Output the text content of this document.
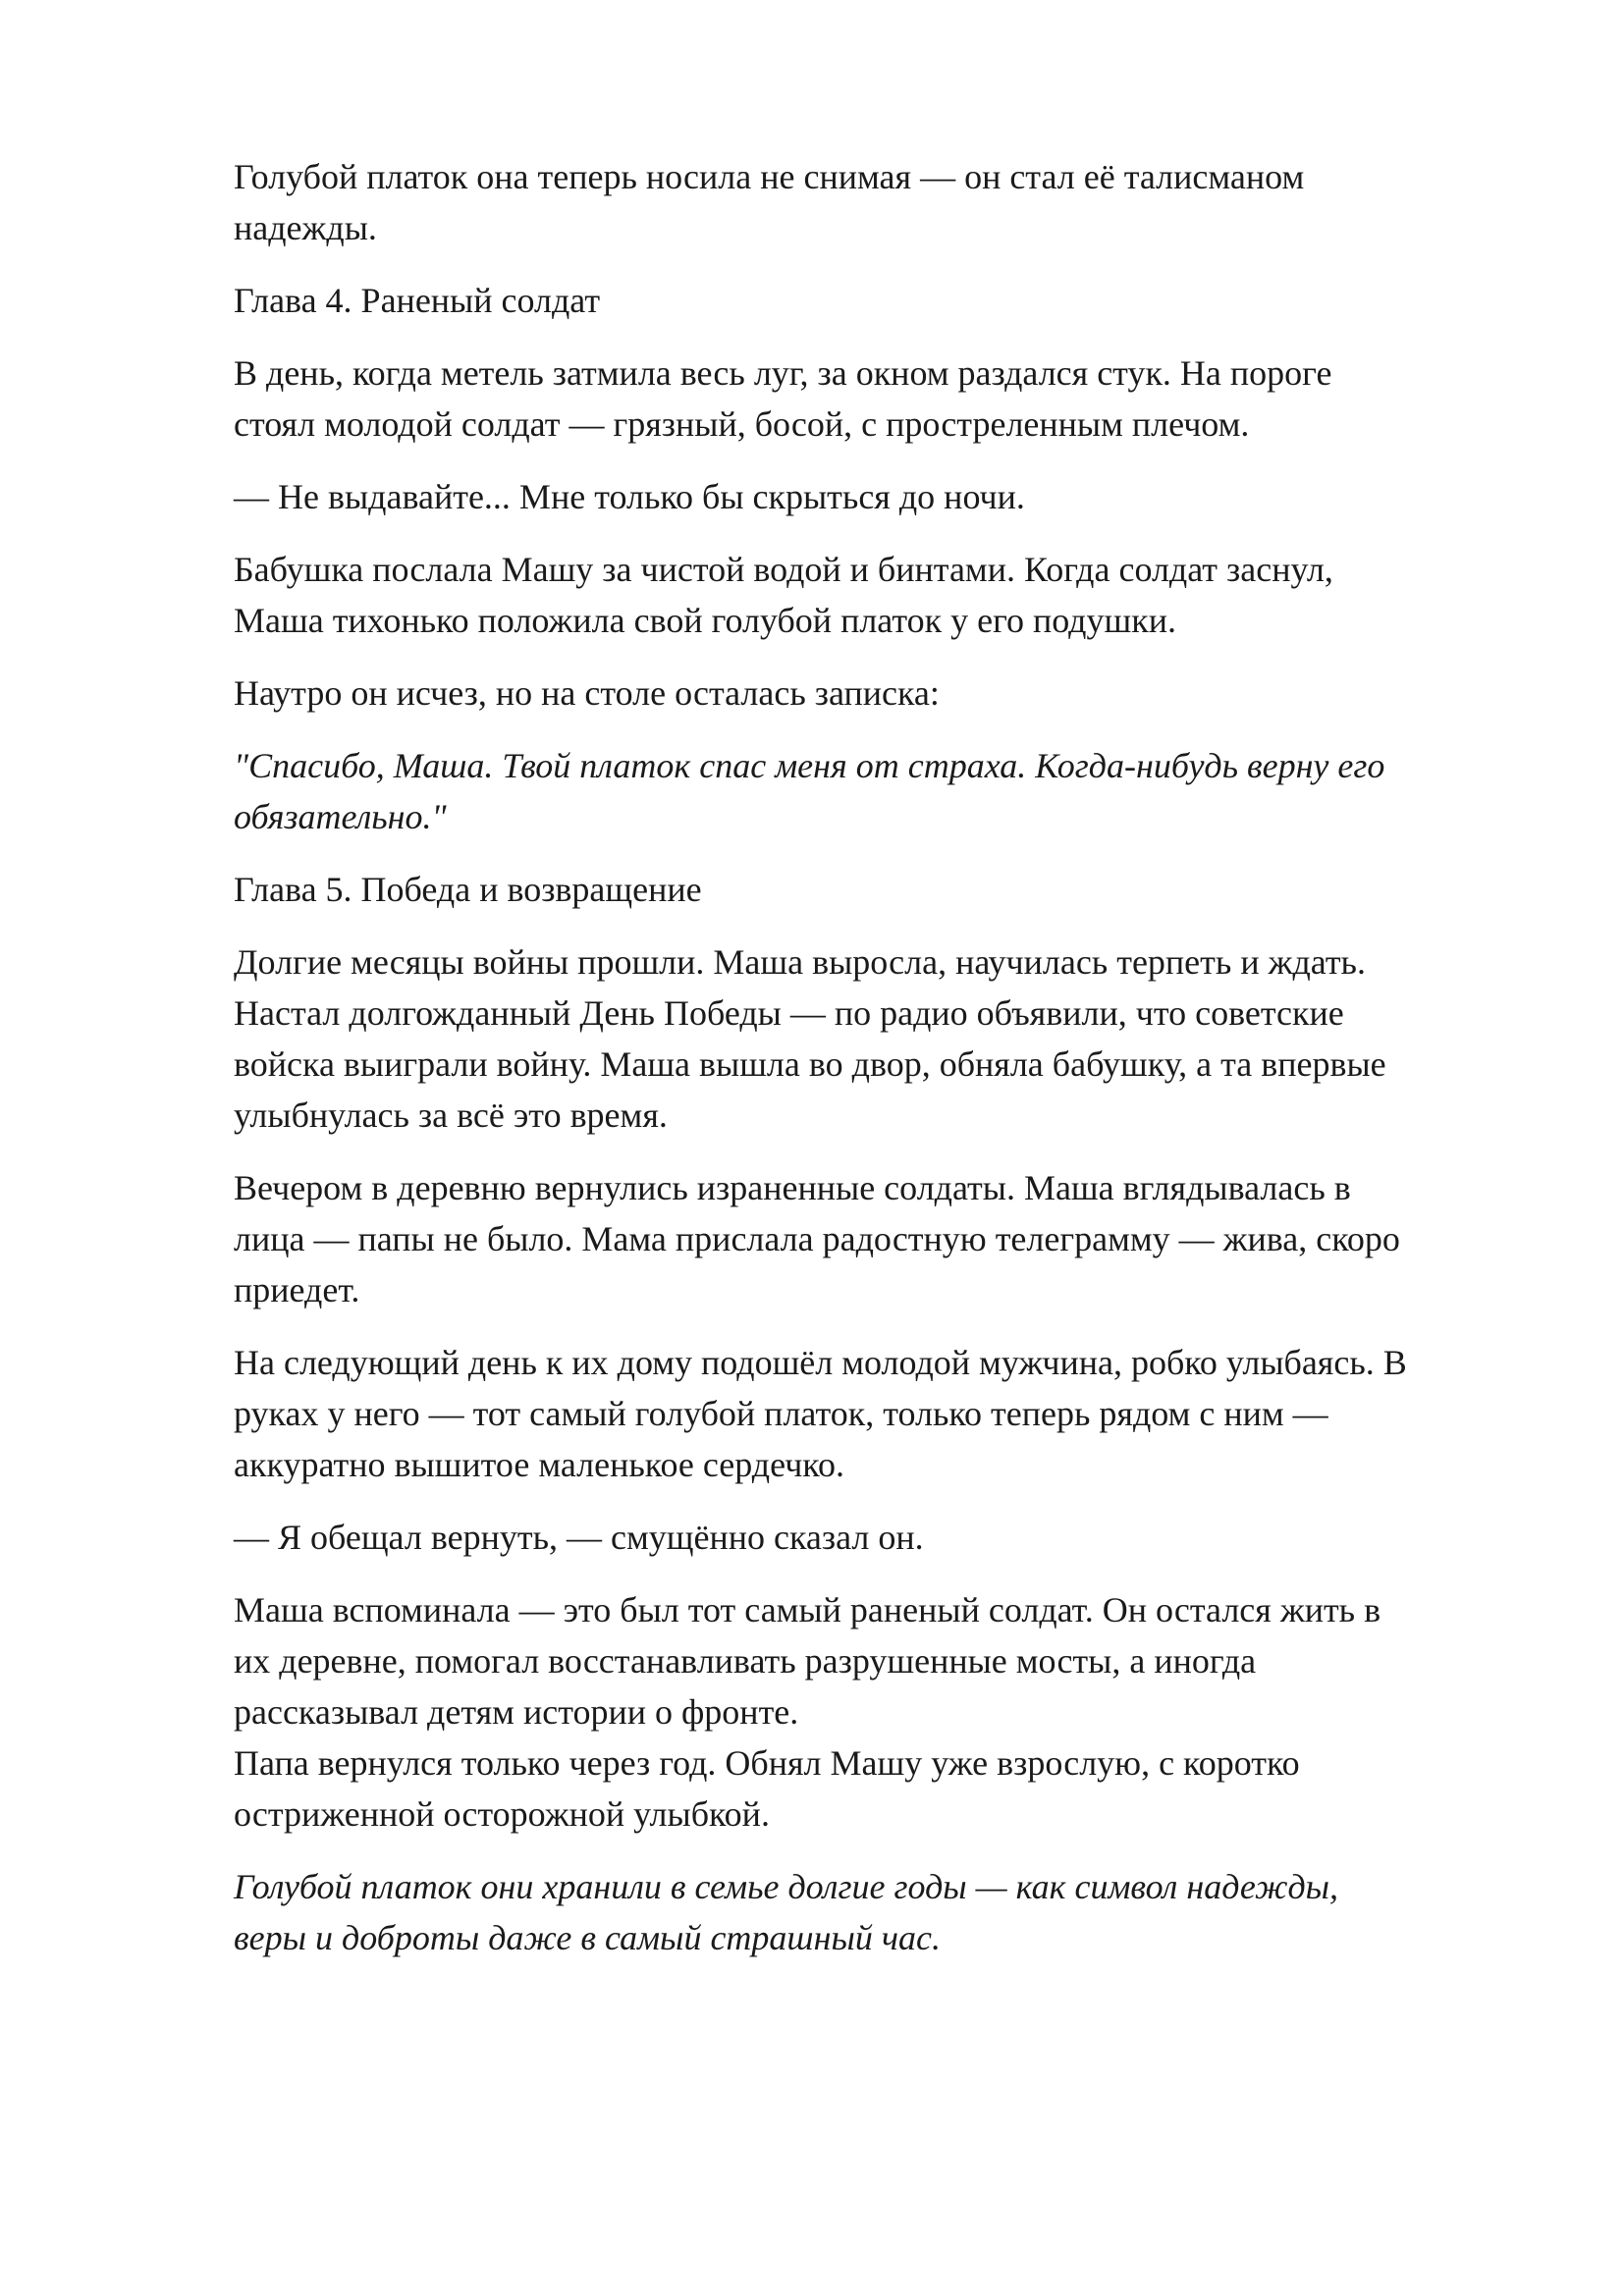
Голубой платок она теперь носила не снимая — он стал её талисманом
надежды.

Глава 4. Раненый солдат

В день, когда метель затмила весь луг, за окном раздался стук. На пороге
стоял молодой солдат — грязный, босой, с простреленным плечом.

— Не выдавайте... Мне только бы скрыться до ночи.

Бабушка послала Машу за чистой водой и бинтами. Когда солдат заснул,
Маша тихонько положила свой голубой платок у его подушки.

Наутро он исчез, но на столе осталась записка:

"Спасибо, Маша. Твой платок спас меня от страха. Когда-нибудь верну его
обязательно."

Глава 5. Победа и возвращение

Долгие месяцы войны прошли. Маша выросла, научилась терпеть и ждать.
Настал долгожданный День Победы — по радио объявили, что советские
войска выиграли войну. Маша вышла во двор, обняла бабушку, а та впервые
улыбнулась за всё это время.

Вечером в деревню вернулись израненные солдаты. Маша вглядывалась в
лица — папы не было. Мама прислала радостную телеграмму — жива, скоро
приедет.

На следующий день к их дому подошёл молодой мужчина, робко улыбаясь. В
руках у него — тот самый голубой платок, только теперь рядом с ним —
аккуратно вышитое маленькое сердечко.

— Я обещал вернуть, — смущённо сказал он.

Маша вспоминала — это был тот самый раненый солдат. Он остался жить в
их деревне, помогал восстанавливать разрушенные мосты, а иногда
рассказывал детям истории о фронте.

Папа вернулся только через год. Обнял Машу уже взрослую, с коротко
остриженной осторожной улыбкой.

Голубой платок они хранили в семье долгие годы — как символ надежды,
веры и доброты даже в самый страшный час.
